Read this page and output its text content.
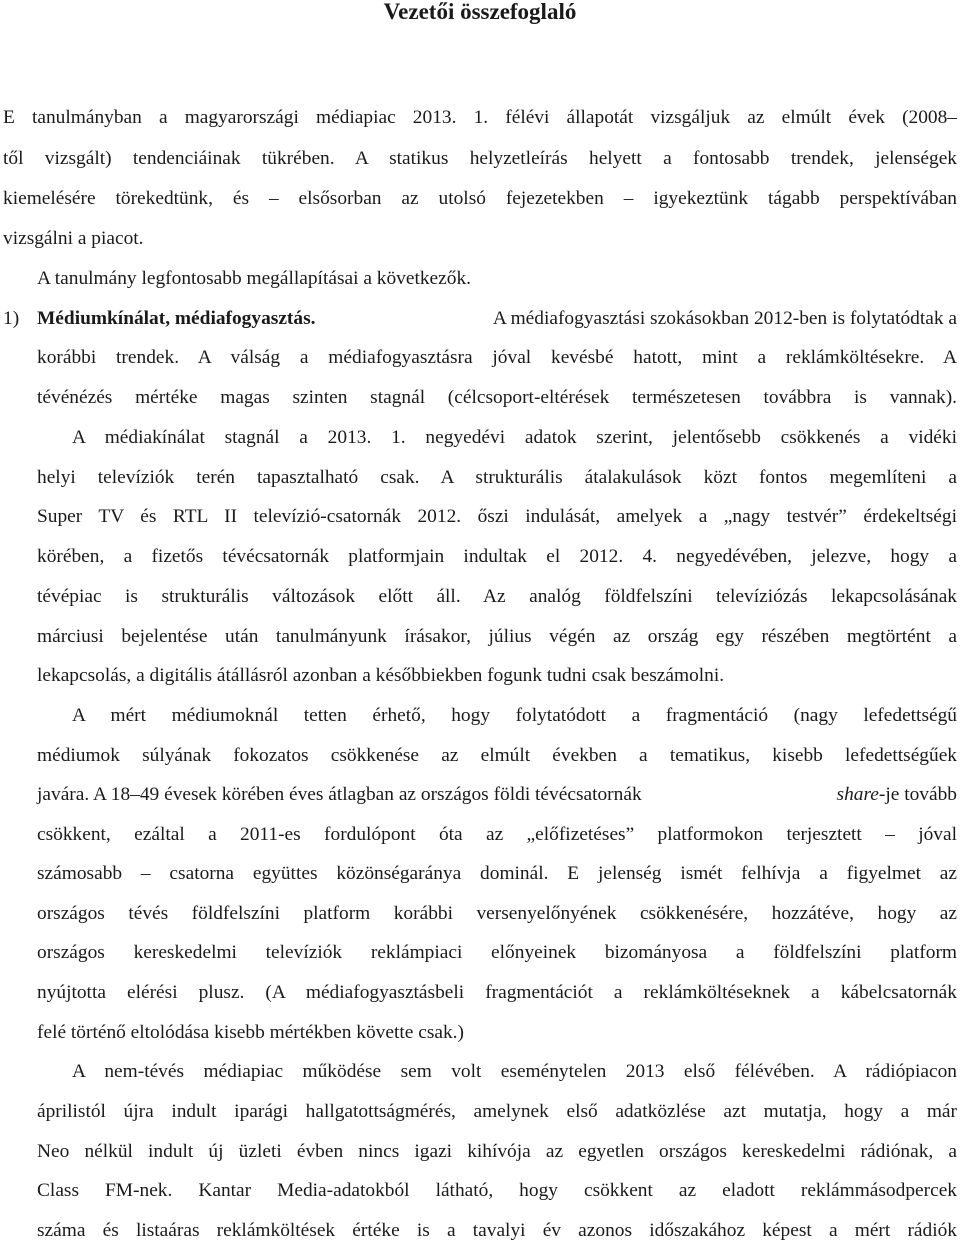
Vezetői összefoglaló
E tanulmányban a magyarországi médiapiac 2013. 1. félévi állapotát vizsgáljuk az elmúlt évek (2008–
től vizsgált) tendenciáinak tükrében. A statikus helyzetleírás helyett a fontosabb trendek, jelenségek
kiemelésére törekedtünk, és – elsősorban az utolsó fejezetekben – igyekeztünk tágabb perspektívában
vizsgálni a piacot.
A tanulmány legfontosabb megállapításai a következők.
1) Médiumkínálat, médiafogyasztás.	A médiafogyasztási szokásokban 2012-ben is folytatódtak a
korábbi trendek. A válság a médiafogyasztásra jóval kevésbé hatott, mint a reklámköltésekre. A
tévénézés mértéke magas szinten stagnál (célcsoport-eltérések természetesen továbbra is vannak).
A médiakínálat stagnál a 2013. 1. negyedévi adatok szerint, jelentősebb csökkenés a vidéki
helyi televíziók terén tapasztalható csak. A strukturális átalakulások közt fontos megemlíteni a
Super TV és RTL II televízió-csatornák 2012. őszi indulását, amelyek a „nagy testvér” érdekeltségi
körében, a fizetős tévécsatornák platformjain indultak el 2012. 4. negyedévében, jelezve, hogy a
tévépiac is strukturális változások előtt áll. Az analóg földfelszíni televíziózás lekapcsolásának
márciusi bejelentése után tanulmányunk írásakor, július végén az ország egy részében megtörtént a
lekapcsolás, a digitális átállásról azonban a későbbiekben fogunk tudni csak beszámolni.
A mért médiumoknál tetten érhető, hogy folytatódott a fragmentáció (nagy lefedettségű
médiumok súlyának fokozatos csökkenése az elmúlt években a tematikus, kisebb lefedettségűek
javára. A 18–49 évesek körében éves átlagban az országos földi tévécsatornák	share-je tovább
csökkent, ezáltal a 2011-es fordulópont óta az „előfizetéses” platformokon terjesztett – jóval
számosabb – csatorna együttes közönségaránya dominál. E jelenség ismét felhívja a figyelmet az
országos tévés földfelszíni platform korábbi versenyelőnyének csökkenésére, hozzátéve, hogy az
országos kereskedelmi televíziók reklámpiaci előnyeinek bizományosa a földfelszíni platform
nyújtotta elérési plusz. (A médiafogyasztásbeli fragmentációt a reklámköltéseknek a kábelcsatornák
felé történő eltolódása kisebb mértékben követte csak.)
A nem-tévés médiapiac működése sem volt eseménytelen 2013 első félévében. A rádiópiacon
áprilistól újra indult iparági hallgatottságmérés, amelynek első adatközlése azt mutatja, hogy a már
Neo nélkül indult új üzleti évben nincs igazi kihívója az egyetlen országos kereskedelmi rádiónak, a
Class FM-nek. Kantar Media-adatokból látható, hogy csökkent az eladott reklámmásodpercek
száma és listaáras reklámköltések értéke is a tavalyi év azonos időszakához képest a mért rádiók
